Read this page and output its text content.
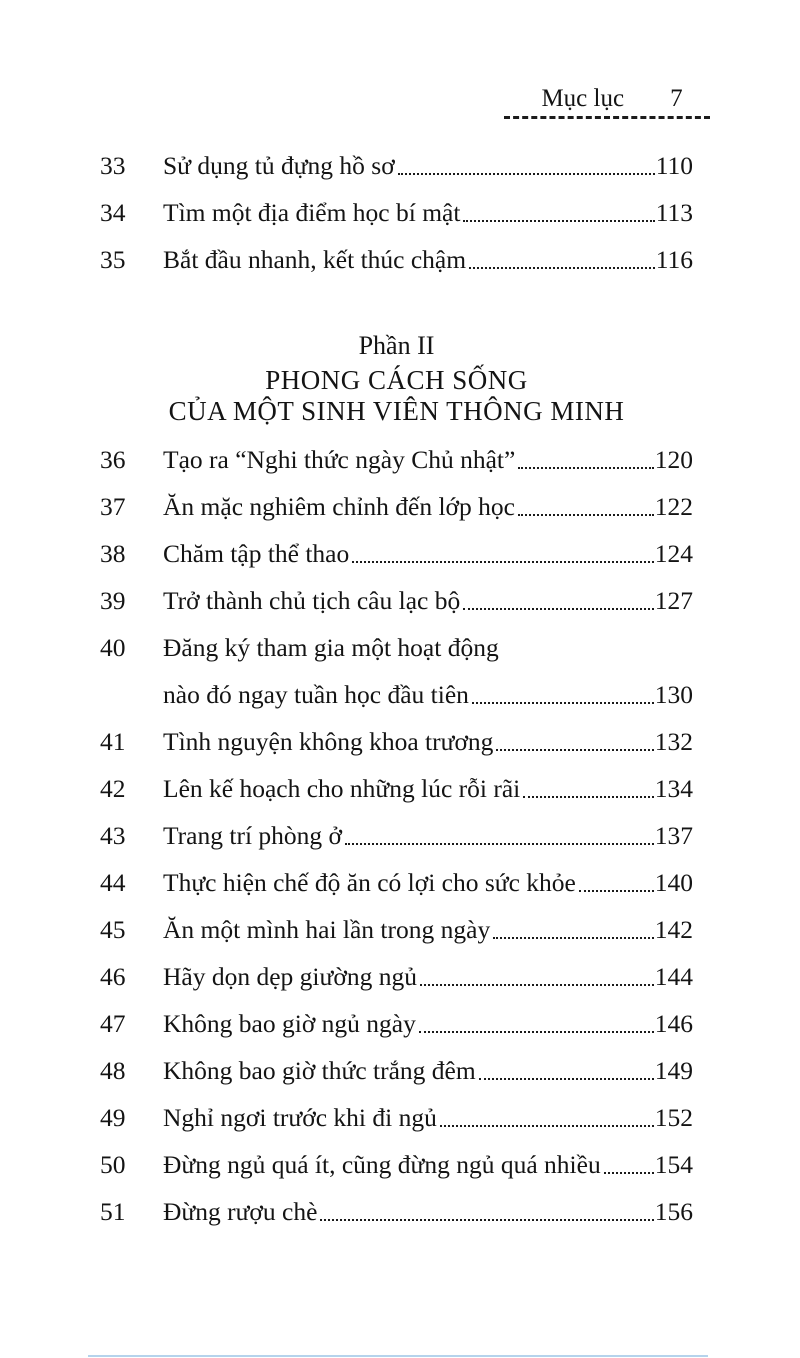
Mục lục 7
33	Sử dụng tủ đựng hồ sơ	110
34	Tìm một địa điểm học bí mật	113
35	Bắt đầu nhanh, kết thúc chậm	116
Phần II
PHONG CÁCH SỐNG
CỦA MỘT SINH VIÊN THÔNG MINH
36	Tạo ra “Nghi thức ngày Chủ nhật”	120
37	Ăn mặc nghiêm chỉnh đến lớp học	122
38	Chăm tập thể thao	124
39	Trở thành chủ tịch câu lạc bộ	127
40	Đăng ký tham gia một hoạt động
nào đó ngay tuần học đầu tiên	130
41	Tình nguyện không khoa trương	132
42	Lên kế hoạch cho những lúc rỗi rãi	134
43	Trang trí phòng ở	137
44	Thực hiện chế độ ăn có lợi cho sức khỏe	140
45	Ăn một mình hai lần trong ngày	142
46	Hãy dọn dẹp giường ngủ	144
47	Không bao giờ ngủ ngày	146
48	Không bao giờ thức trắng đêm	149
49	Nghỉ ngơi trước khi đi ngủ	152
50	Đừng ngủ quá ít, cũng đừng ngủ quá nhiều 154
51	Đừng rượu chè	156
